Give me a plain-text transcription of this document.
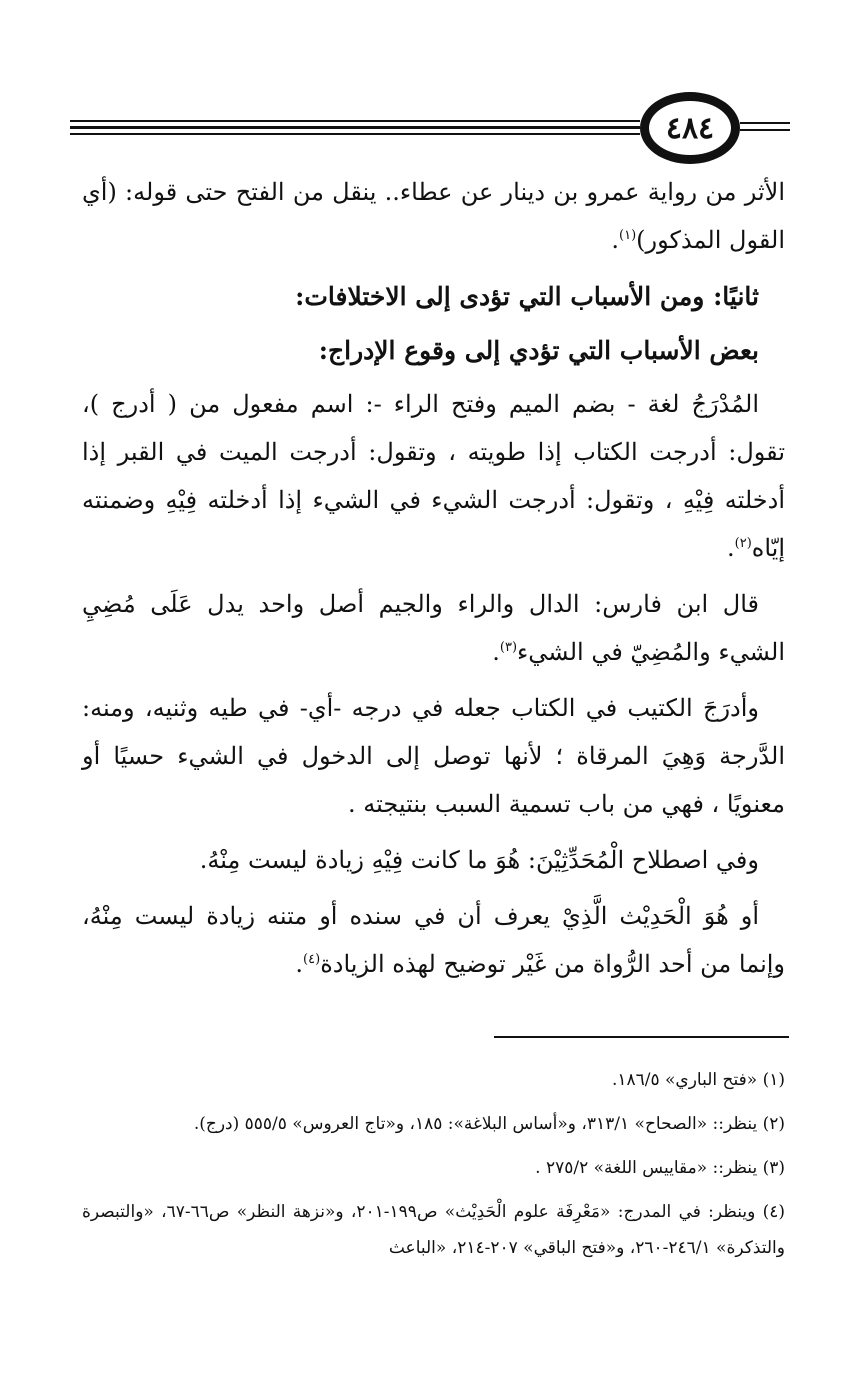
٤٨٤

الأثر من رواية عمرو بن دينار عن عطاء.. ينقل من الفتح حتى قوله: (أي القول المذكور)$^{(١)}$.

ثانيًا: ومن الأسباب التي تؤدى إلى الاختلافات:
بعض الأسباب التي تؤدي إلى وقوع الإدراج:

المُدْرَجُ لغة - بضم الميم وفتح الراء -: اسم مفعول من ( أدرج )، تقول: أدرجت الكتاب إذا طويته ، وتقول: أدرجت الميت في القبر إذا أدخلته فِيْهِ ، وتقول: أدرجت الشيء في الشيء إذا أدخلته فِيْهِ وضمنته إيّاه$^{(٢)}$.

قال ابن فارس: الدال والراء والجيم أصل واحد يدل عَلَى مُضِيِ الشيء والمُضِيّ في الشيء$^{(٣)}$.

وأدرَجَ الكتيب في الكتاب جعله في درجه -أي- في طيه وثنيه، ومنه: الدَّرجة وَهِيَ المرقاة ؛ لأنها توصل إلى الدخول في الشيء حسيًا أو معنويًا ، فهي من باب تسمية السبب بنتيجته .

وفي اصطلاح الْمُحَدِّثِيْنَ: هُوَ ما كانت فِيْهِ زيادة ليست مِنْهُ.

أو هُوَ الْحَدِيْث الَّذِيْ يعرف أن في سنده أو متنه زيادة ليست مِنْهُ، وإنما من أحد الرُّواة من غَيْر توضيح لهذه الزيادة$^{(٤)}$.

(١) «فتح الباري» ١٨٦/٥.

(٢) ينظر:: «الصحاح» ٣١٣/١، و«أساس البلاغة»: ١٨٥، و«تاج العروس» ٥٥٥/٥ (درج).

(٣) ينظر:: «مقاييس اللغة» ٢٧٥/٢ .

(٤) وينظر: في المدرج: «مَعْرِفَة علوم الْحَدِيْث» ص١٩٩-٢٠١، و«نزهة النظر» ص٦٦-٦٧، «والتبصرة والتذكرة» ٢٤٦/١-٢٦٠، و«فتح الباقي» ٢٠٧-٢١٤، «الباعث
